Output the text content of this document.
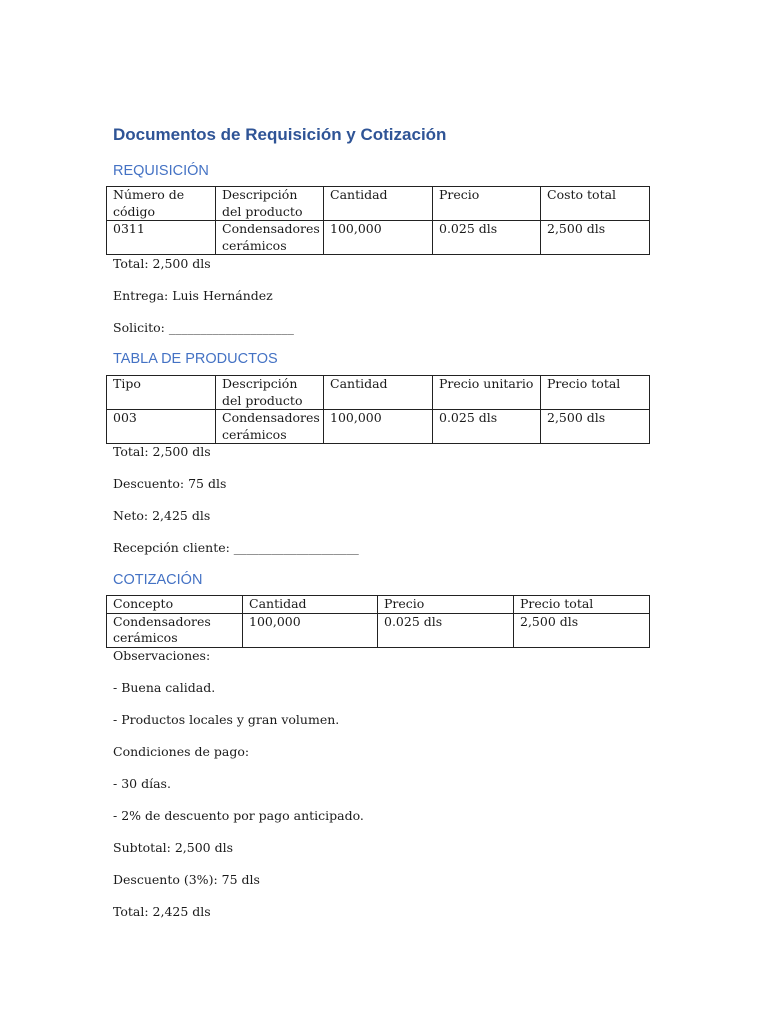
Documentos de Requisición y Cotización
REQUISICIÓN
Número de código	Descripción del producto	Cantidad	Precio	Costo total
0311	Condensadores cerámicos	100,000	0.025 dls	2,500 dls
Total: 2,500 dls
Entrega: Luis Hernández
Solicito: ____________________
TABLA DE PRODUCTOS
Tipo	Descripción del producto	Cantidad	Precio unitario	Precio total
003	Condensadores cerámicos	100,000	0.025 dls	2,500 dls
Total: 2,500 dls
Descuento: 75 dls
Neto: 2,425 dls
Recepción cliente: ____________________
COTIZACIÓN
Concepto	Cantidad	Precio	Precio total
Condensadores cerámicos	100,000	0.025 dls	2,500 dls
Observaciones:
- Buena calidad.
- Productos locales y gran volumen.
Condiciones de pago:
- 30 días.
- 2% de descuento por pago anticipado.
Subtotal: 2,500 dls
Descuento (3%): 75 dls
Total: 2,425 dls
